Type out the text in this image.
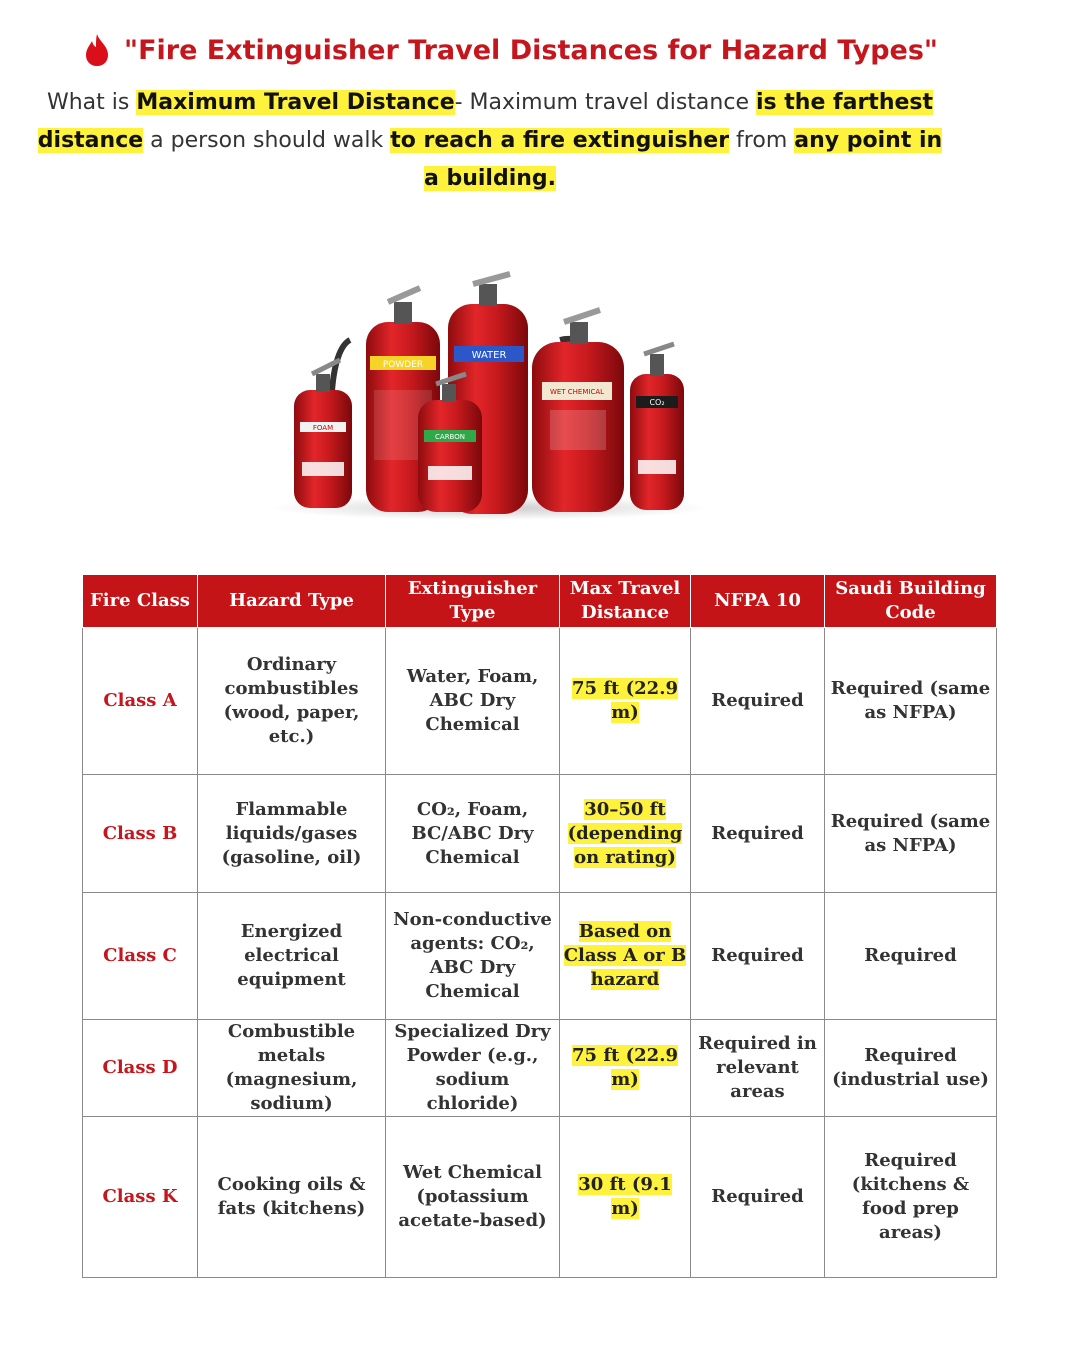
"Fire Extinguisher Travel Distances for Hazard Types"
What is Maximum Travel Distance- Maximum travel distance is the farthest distance a person should walk to reach a fire extinguisher from any point in a building.
FOAM
POWDER
WATER
CARBON
WET CHEMICAL
CO₂
Fire Class	Hazard Type	Extinguisher Type	Max Travel Distance	NFPA 10	Saudi Building Code
Class A	Ordinary combustibles (wood, paper, etc.)	Water, Foam, ABC Dry Chemical	75 ft (22.9 m)	Required	Required (same as NFPA)
Class B	Flammable liquids/gases (gasoline, oil)	CO₂, Foam, BC/ABC Dry Chemical	30–50 ft (depending on rating)	Required	Required (same as NFPA)
Class C	Energized electrical equipment	Non-conductive agents: CO₂, ABC Dry Chemical	Based on Class A or B hazard	Required	Required
Class D	Combustible metals (magnesium, sodium)	Specialized Dry Powder (e.g., sodium chloride)	75 ft (22.9 m)	Required in relevant areas	Required (industrial use)
Class K	Cooking oils & fats (kitchens)	Wet Chemical (potassium acetate-based)	30 ft (9.1 m)	Required	Required (kitchens & food prep areas)
